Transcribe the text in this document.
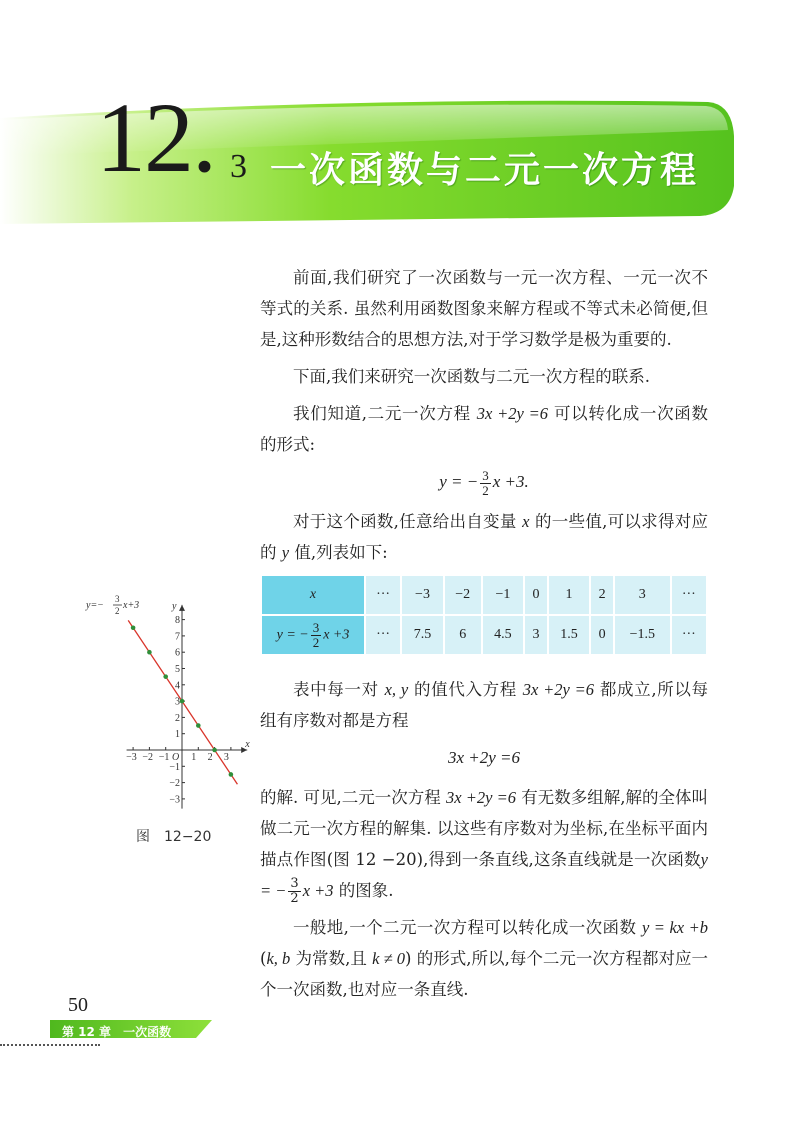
12. 3 一次函数与二元一次方程

前面,我们研究了一次函数与一元一次方程、一元一次不等式的关系. 虽然利用函数图象来解方程或不等式未必简便,但是,这种形数结合的思想方法,对于学习数学是极为重要的.

下面,我们来研究一次函数与二元一次方程的联系.

我们知道,二元一次方程 3x +2y =6 可以转化成一次函数的形式:

y = − $\frac{3}{2}$ x +3.

对于这个函数,任意给出自变量 x 的一些值,可以求得对应的 y 值,列表如下:

x	···	−3	−2	−1	0	1	2	3	···
y = − $\frac{3}{2}$ x +3	···	7.5	6	4.5	3	1.5	0	−1.5	···

表中每一对 x, y 的值代入方程 3x +2y =6 都成立,所以每组有序数对都是方程

3x +2y =6

的解. 可见,二元一次方程 3x +2y =6 有无数多组解,解的全体叫做二元一次方程的解集. 以这些有序数对为坐标,在坐标平面内描点作图(图 12 −20),得到一条直线,这条直线就是一次函数y = − $\frac{3}{2}$ x +3 的图象.

一般地,一个二元一次方程可以转化成一次函数 y = kx +b (k, b 为常数,且 k ≠ 0) 的形式,所以,每个二元一次方程都对应一个一次函数,也对应一条直线.

x
y
O
−3 −2 −1 1 2 3
8
7
6
5
4
3
2
1
−1
−2
−3
y=−
3
2 x+3
图 12−20
50
第 12 章 一次函数
